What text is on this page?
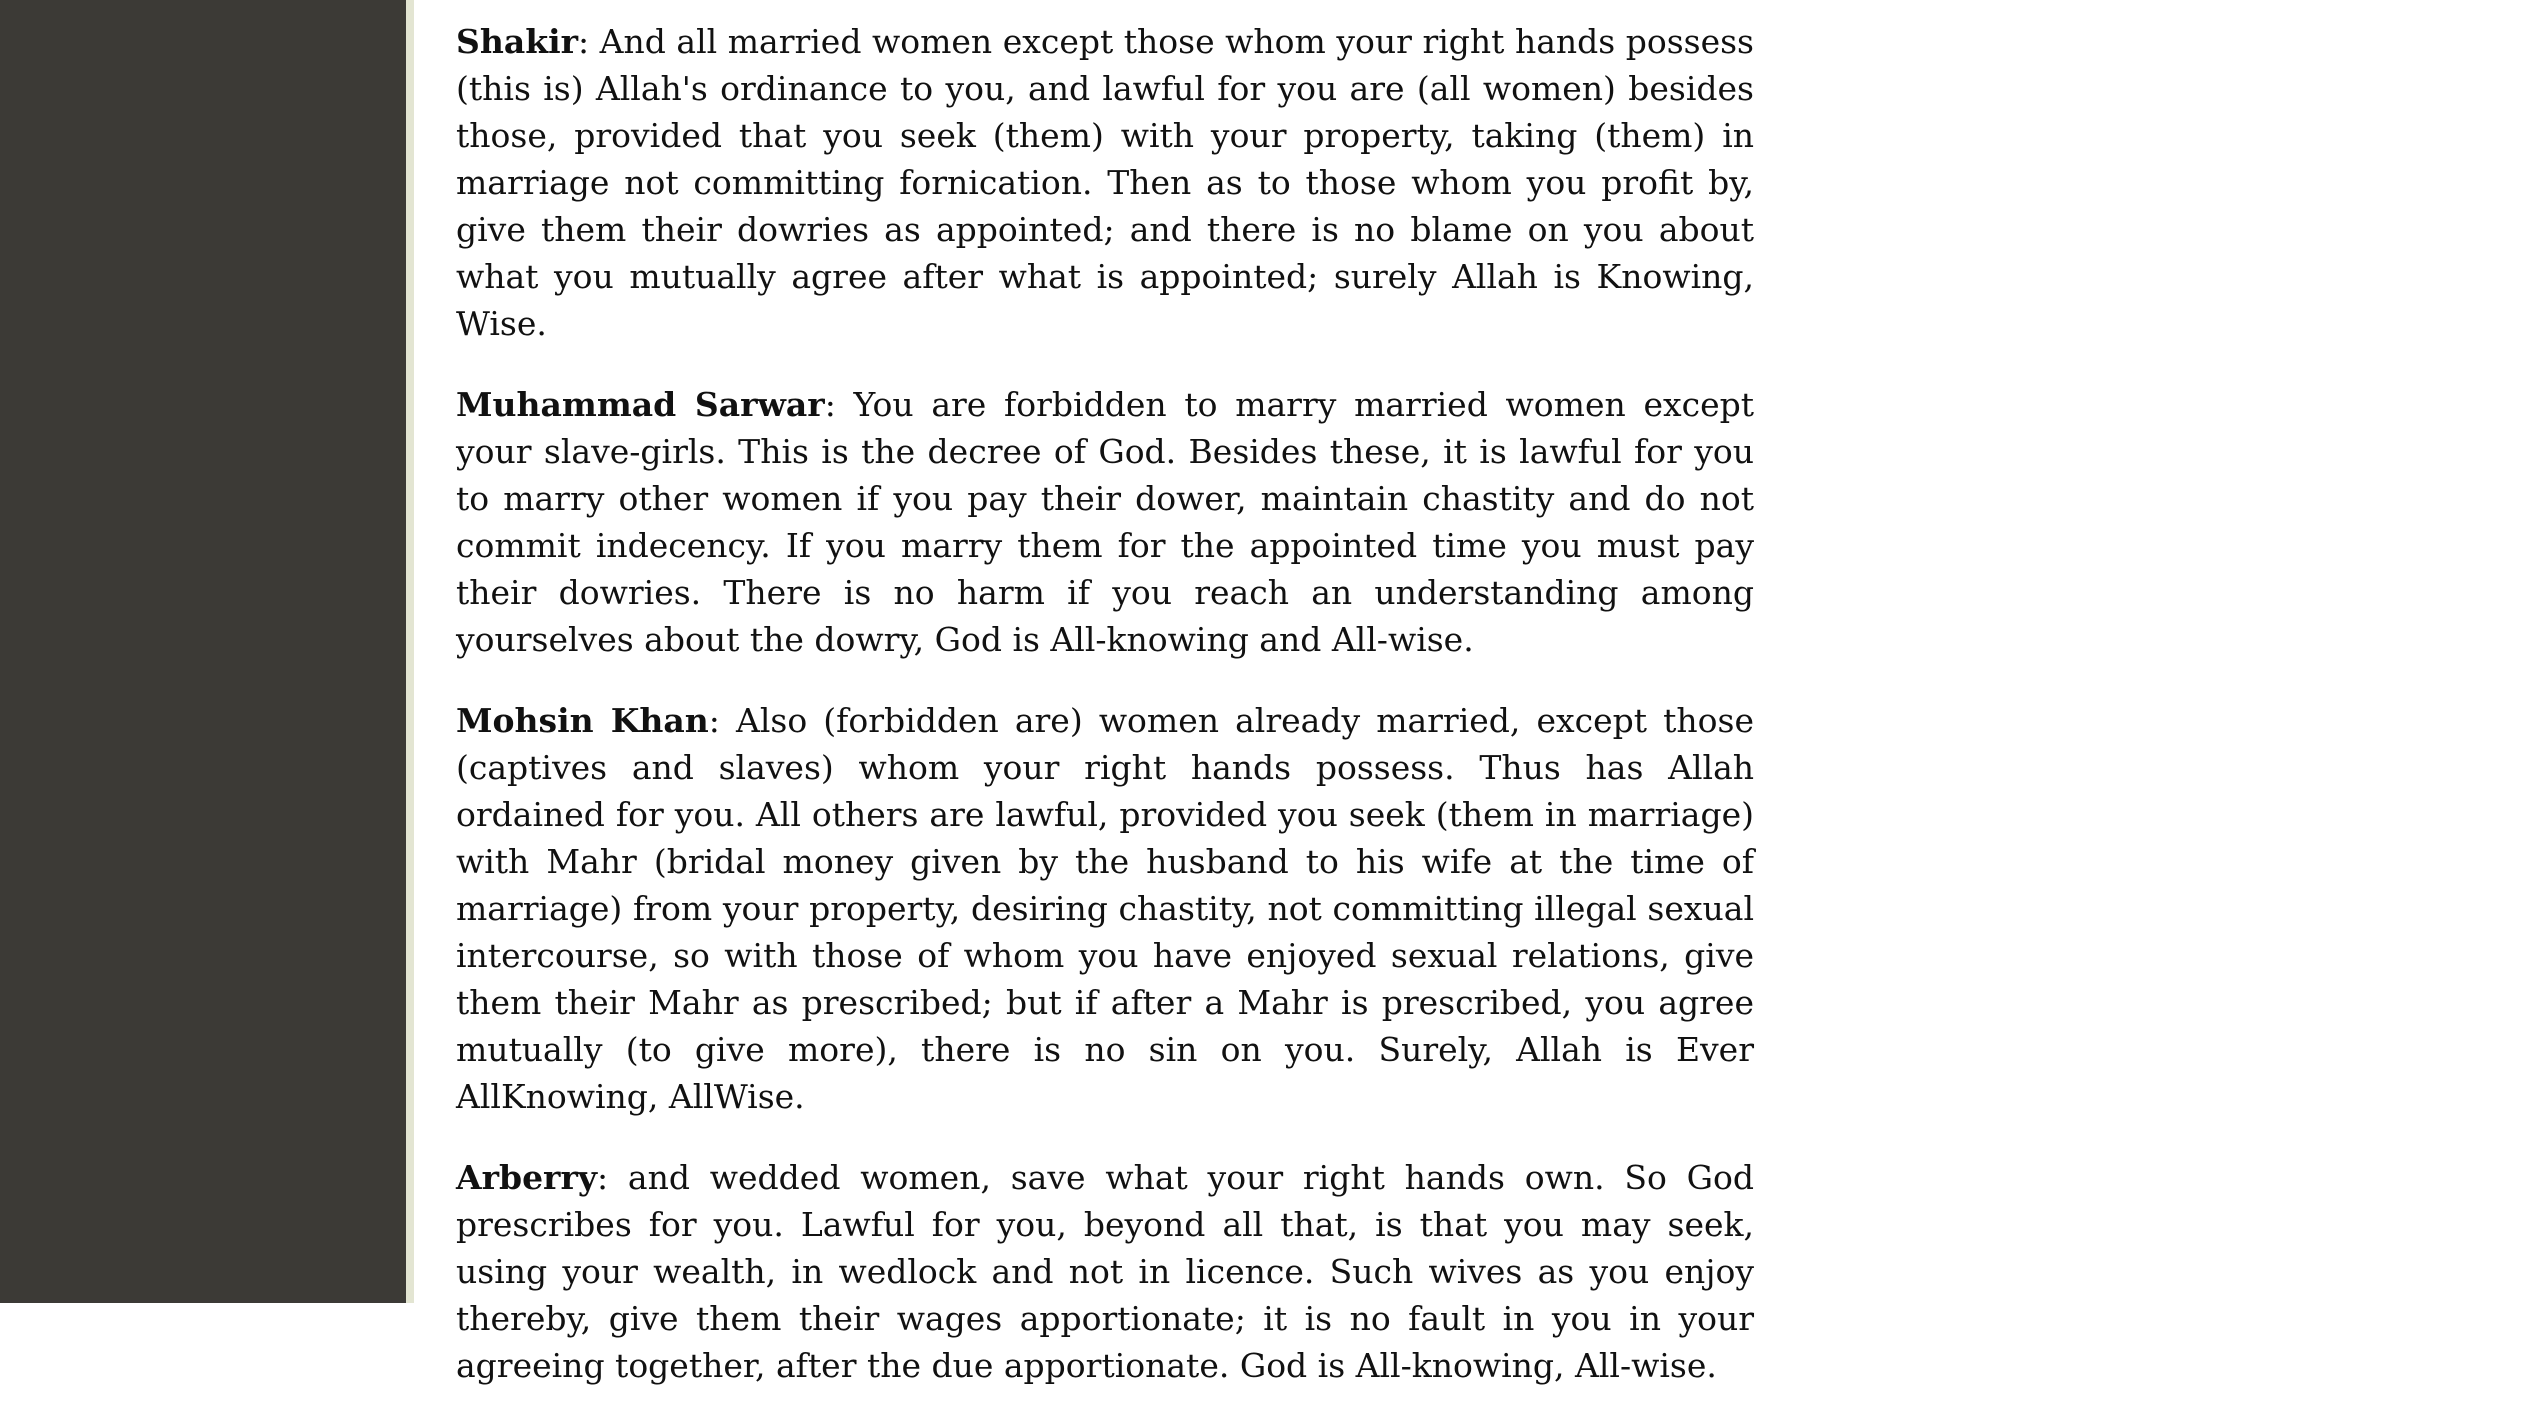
Shakir: And all married women except those whom your right hands possess (this is) Allah's ordinance to you, and lawful for you are (all women) besides those, provided that you seek (them) with your property, taking (them) in marriage not committing fornication. Then as to those whom you profit by, give them their dowries as appointed; and there is no blame on you about what you mutually agree after what is appointed; surely Allah is Knowing, Wise.

Muhammad Sarwar: You are forbidden to marry married women except your slave-girls. This is the decree of God. Besides these, it is lawful for you to marry other women if you pay their dower, maintain chastity and do not commit indecency. If you marry them for the appointed time you must pay their dowries. There is no harm if you reach an understanding among yourselves about the dowry, God is All-knowing and All-wise.

Mohsin Khan: Also (forbidden are) women already married, except those (captives and slaves) whom your right hands possess. Thus has Allah ordained for you. All others are lawful, provided you seek (them in marriage) with Mahr (bridal money given by the husband to his wife at the time of marriage) from your property, desiring chastity, not committing illegal sexual intercourse, so with those of whom you have enjoyed sexual relations, give them their Mahr as prescribed; but if after a Mahr is prescribed, you agree mutually (to give more), there is no sin on you. Surely, Allah is Ever AllKnowing, AllWise.

Arberry: and wedded women, save what your right hands own. So God prescribes for you. Lawful for you, beyond all that, is that you may seek, using your wealth, in wedlock and not in licence. Such wives as you enjoy thereby, give them their wages apportionate; it is no fault in you in your agreeing together, after the due apportionate. God is All-knowing, All-wise.
